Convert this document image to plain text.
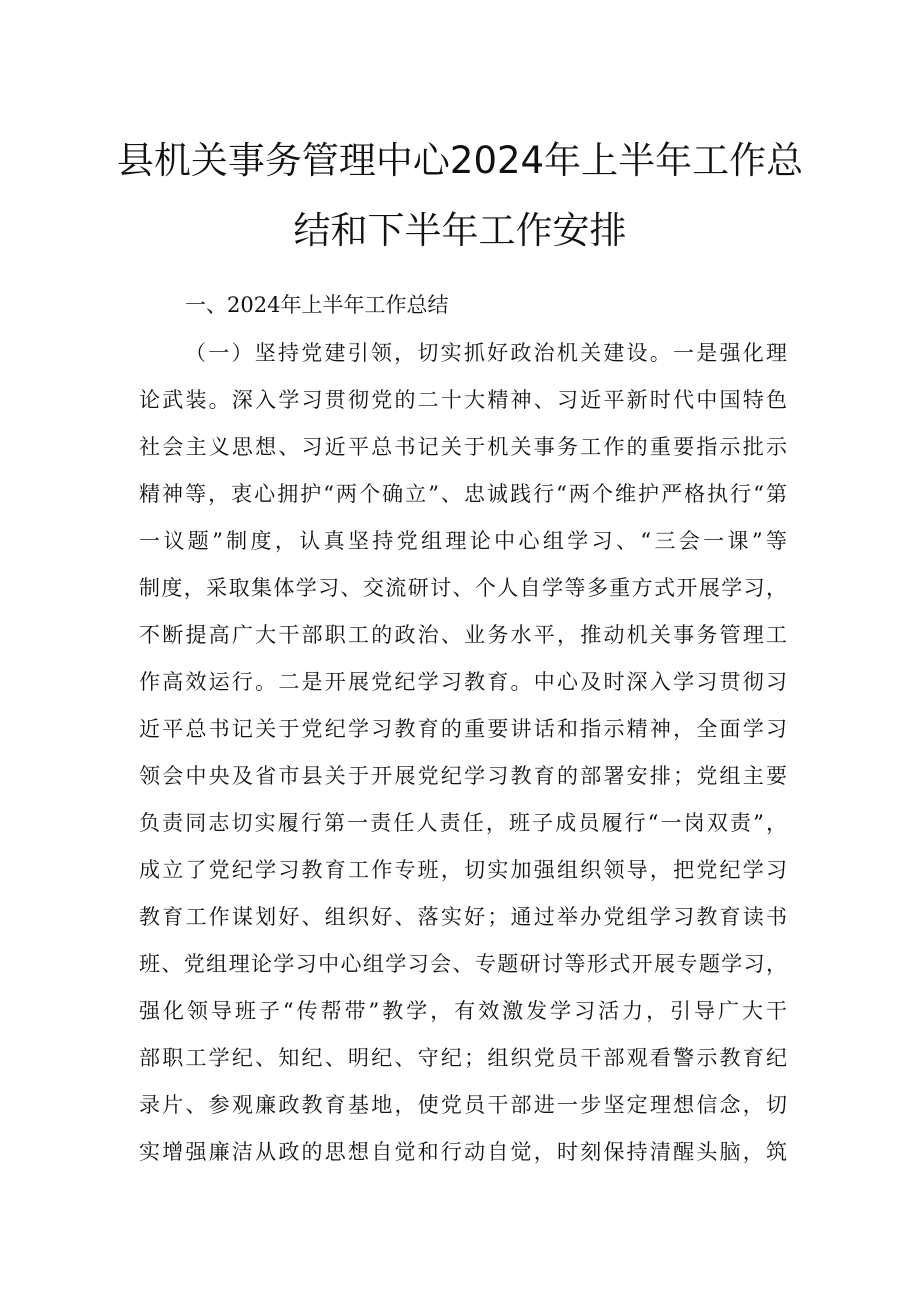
县机关事务管理中心2024年上半年工作总
结和下半年工作安排
一、2024年上半年工作总结
（一）坚持党建引领，切实抓好政治机关建设。一是强化理
论武装。深入学习贯彻党的二十大精神、习近平新时代中国特色
社会主义思想、习近平总书记关于机关事务工作的重要指示批示
精神等，衷心拥护“两个确立”、忠诚践行“两个维护严格执行“第
一议题”制度，认真坚持党组理论中心组学习、“三会一课”等
制度，采取集体学习、交流研讨、个人自学等多重方式开展学习，
不断提高广大干部职工的政治、业务水平，推动机关事务管理工
作高效运行。二是开展党纪学习教育。中心及时深入学习贯彻习
近平总书记关于党纪学习教育的重要讲话和指示精神，全面学习
领会中央及省市县关于开展党纪学习教育的部署安排；党组主要
负责同志切实履行第一责任人责任，班子成员履行“一岗双责”，
成立了党纪学习教育工作专班，切实加强组织领导，把党纪学习
教育工作谋划好、组织好、落实好；通过举办党组学习教育读书
班、党组理论学习中心组学习会、专题研讨等形式开展专题学习，
强化领导班子“传帮带”教学，有效激发学习活力，引导广大干
部职工学纪、知纪、明纪、守纪；组织党员干部观看警示教育纪
录片、参观廉政教育基地，使党员干部进一步坚定理想信念，切
实增强廉洁从政的思想自觉和行动自觉，时刻保持清醒头脑，筑
